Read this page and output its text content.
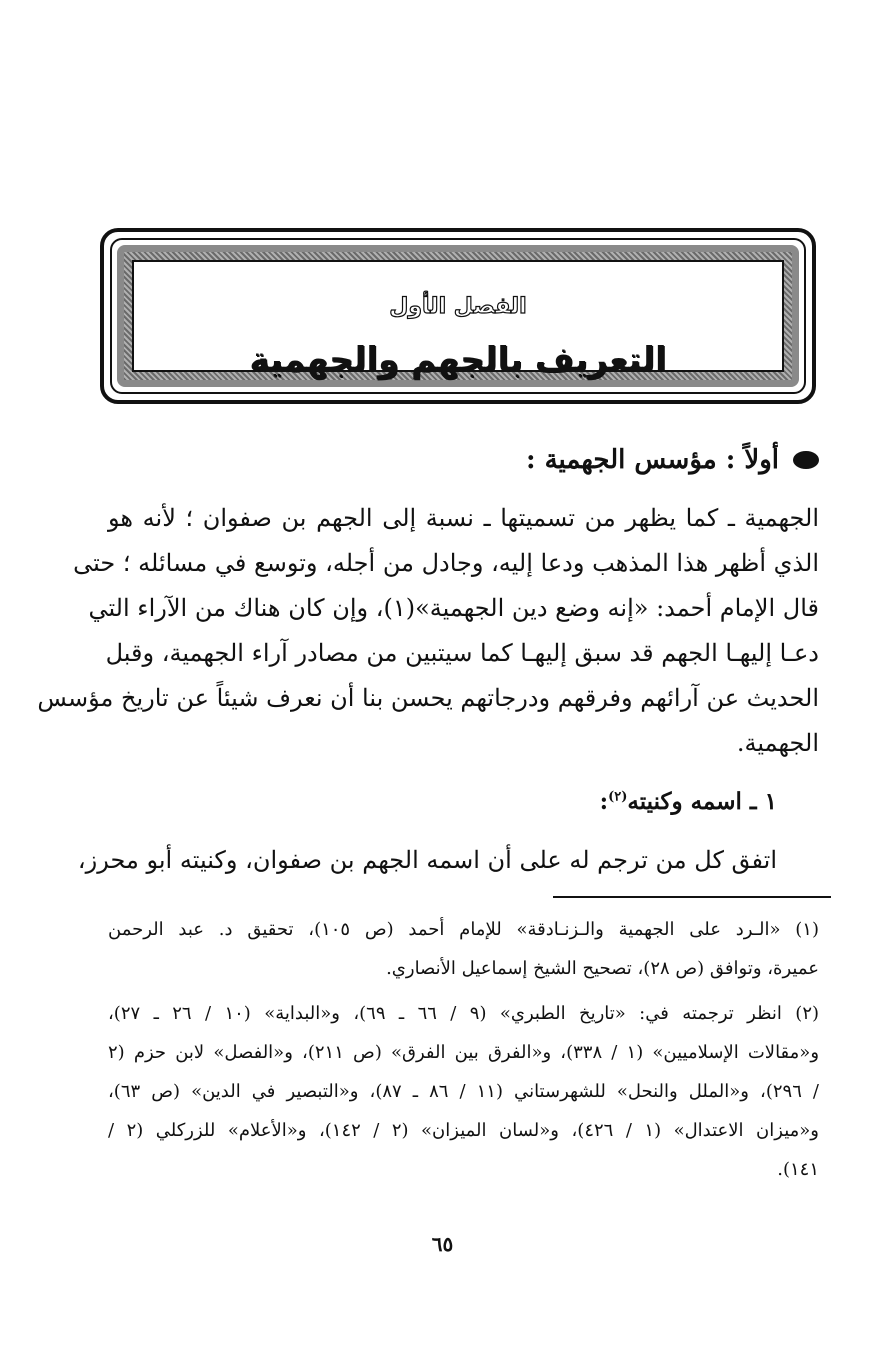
الفصل الأول
التعريف بالجهم والجهمية
أولاً : مؤسس الجهمية :
الجهمية ـ كما يظهر من تسميتها ـ نسبة إلى الجهم بن صفوان ؛ لأنه هو
الذي أظهر هذا المذهب ودعا إليه، وجادل من أجله، وتوسع في مسائله ؛ حتى
قال الإمام أحمد: «إنه وضع دين الجهمية»(١)، وإن كان هناك من الآراء التي
دعـا إليهـا الجهم قد سبق إليهـا كما سيتبين من مصادر آراء الجهمية، وقبل
الحديث عن آرائهم وفرقهم ودرجاتهم يحسن بنا أن نعرف شيئاً عن تاريخ مؤسس
الجهمية.
١ ـ اسمه وكنيته$^{(٢)}$:
اتفق كل من ترجم له على أن اسمه الجهم بن صفوان، وكنيته أبو محرز،
(١) «الـرد على الجهمية والـزنـادقة» للإمام أحمد (ص ١٠٥)، تحقيق د. عبد الرحمن
عميرة، وتوافق (ص ٢٨)، تصحيح الشيخ إسماعيل الأنصاري.
(٢) انظر ترجمته في: «تاريخ الطبري» (٩ / ٦٦ ـ ٦٩)، و«البداية» (١٠ / ٢٦ ـ ٢٧)،
و«مقالات الإسلاميين» (١ / ٣٣٨)، و«الفرق بين الفرق» (ص ٢١١)، و«الفصل» لابن حزم (٢
/ ٢٩٦)، و«الملل والنحل» للشهرستاني (١١ / ٨٦ ـ ٨٧)، و«التبصير في الدين» (ص ٦٣)،
و«ميزان الاعتدال» (١ / ٤٢٦)، و«لسان الميزان» (٢ / ١٤٢)، و«الأعلام» للزركلي (٢ /
١٤١).
٦٥
